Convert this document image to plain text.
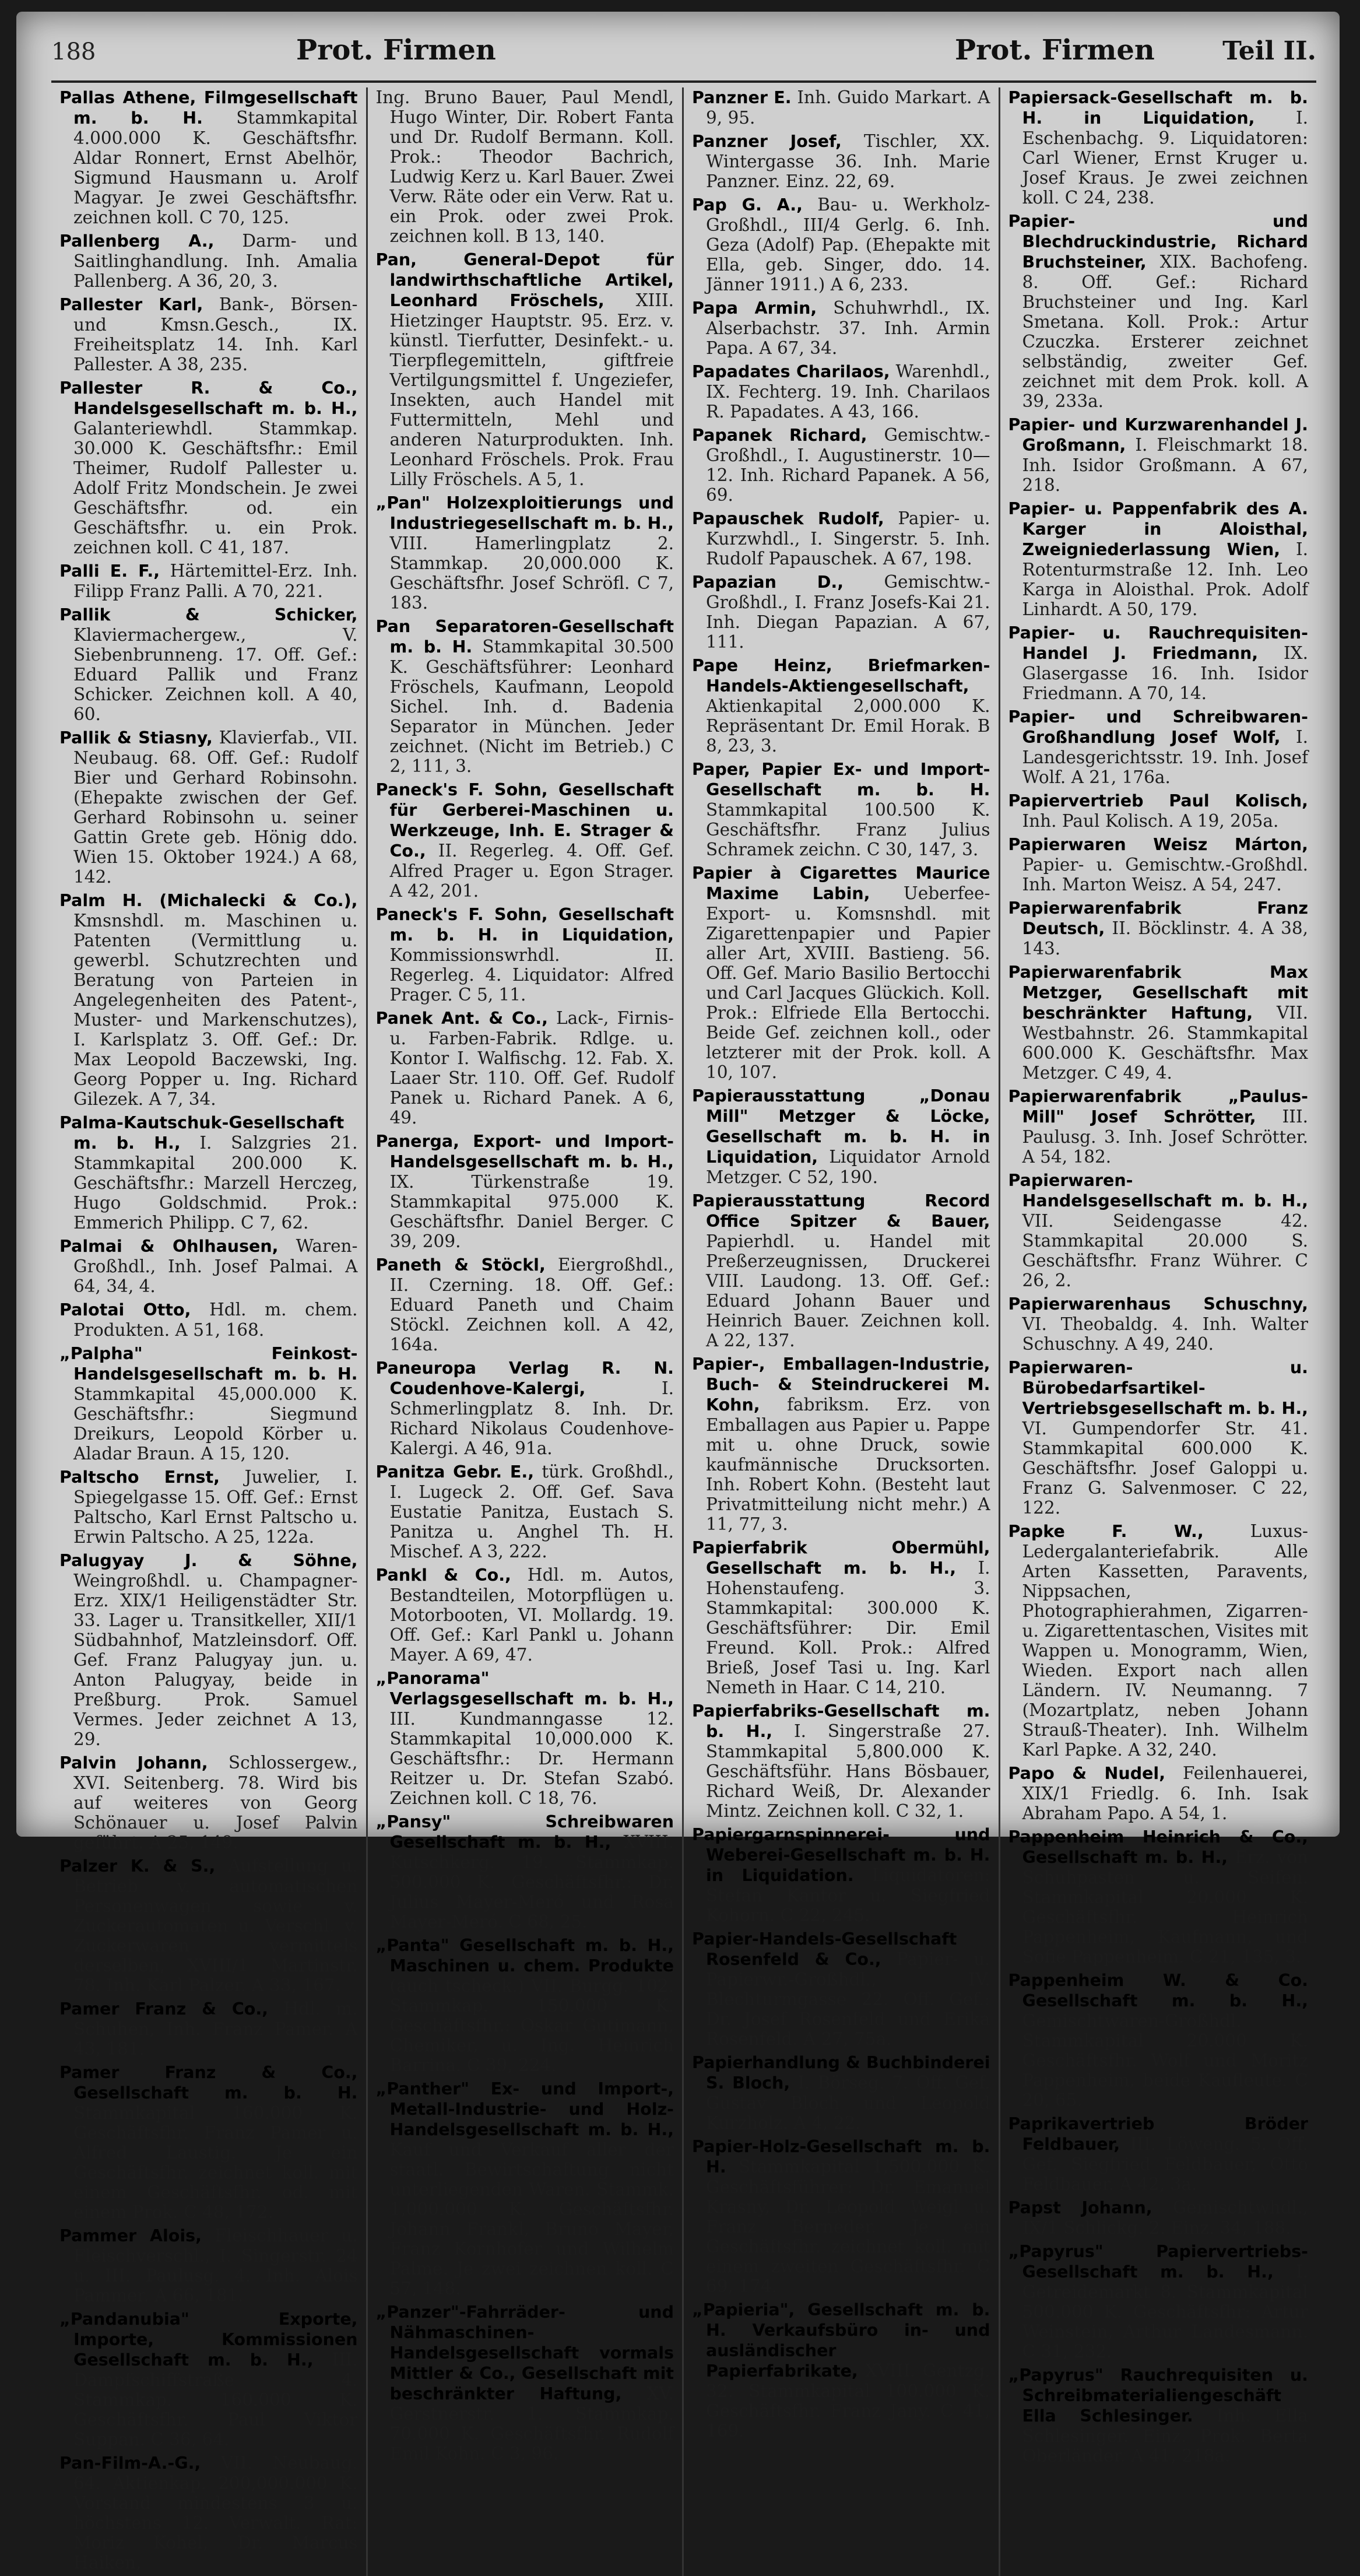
188	Prot. Firmen	Prot. Firmen	Teil II.

Pallas Athene, Filmgesellschaft m. b. H. Stammkapital 4.000.000 K. Geschäftsfhr. Aldar Ronnert, Ernst Abelhör, Sigmund Hausmann u. Arolf Magyar. Je zwei Geschäftsfhr. zeichnen koll. C 70, 125.

Pallenberg A., Darm- und Saitlinghandlung. Inh. Amalia Pallenberg. A 36, 20, 3.

Pallester Karl, Bank-, Börsen- und Kmsn.Gesch., IX. Freiheitsplatz 14. Inh. Karl Pallester. A 38, 235.

Pallester R. & Co., Handelsgesellschaft m. b. H., Galanteriewhdl. Stammkap. 30.000 K. Geschäftsfhr.: Emil Theimer, Rudolf Pallester u. Adolf Fritz Mondschein. Je zwei Geschäftsfhr. od. ein Geschäftsfhr. u. ein Prok. zeichnen koll. C 41, 187.

Palli E. F., Härtemittel-Erz. Inh. Filipp Franz Palli. A 70, 221.

Pallik & Schicker, Klaviermachergew., V. Siebenbrunneng. 17. Off. Gef.: Eduard Pallik und Franz Schicker. Zeichnen koll. A 40, 60.

Pallik & Stiasny, Klavierfab., VII. Neubaug. 68. Off. Gef.: Rudolf Bier und Gerhard Robinsohn. (Ehepakte zwischen der Gef. Gerhard Robinsohn u. seiner Gattin Grete geb. Hönig ddo. Wien 15. Oktober 1924.) A 68, 142.

Palm H. (Michalecki & Co.), Kmsnshdl. m. Maschinen u. Patenten (Vermittlung u. gewerbl. Schutzrechten und Beratung von Parteien in Angelegenheiten des Patent-, Muster- und Markenschutzes), I. Karlsplatz 3. Off. Gef.: Dr. Max Leopold Baczewski, Ing. Georg Popper u. Ing. Richard Gilezek. A 7, 34.

Palma-Kautschuk-Gesellschaft m. b. H., I. Salzgries 21. Stammkapital 200.000 K. Geschäftsfhr.: Marzell Herczeg, Hugo Goldschmid. Prok.: Emmerich Philipp. C 7, 62.

Palmai & Ohlhausen, Waren-Großhdl., Inh. Josef Palmai. A 64, 34, 4.

Palotai Otto, Hdl. m. chem. Produkten. A 51, 168.

„Palpha" Feinkost-Handelsgesellschaft m. b. H. Stammkapital 45,000.000 K. Geschäftsfhr.: Siegmund Dreikurs, Leopold Körber u. Aladar Braun. A 15, 120.

Paltscho Ernst, Juwelier, I. Spiegelgasse 15. Off. Gef.: Ernst Paltscho, Karl Ernst Paltscho u. Erwin Paltscho. A 25, 122a.

Palugyay J. & Söhne, Weingroßhdl. u. Champagner-Erz. XIX/1 Heiligenstädter Str. 33. Lager u. Transitkeller, XII/1 Südbahnhof, Matzleinsdorf. Off. Gef. Franz Palugyay jun. u. Anton Palugyay, beide in Preßburg. Prok. Samuel Vermes. Jeder zeichnet A 13, 29.

Palvin Johann, Schlossergew., XVI. Seitenberg. 78. Wird bis auf weiteres von Georg Schönauer u. Josef Palvin geführt. A 25, 149.

Palzer K. & S., Aufstellung u. Betrieb v. automatischen Personenwagen sowie v. Zuckerautomaten u. Verschl. v. Zuckerwaren vermittels derselben, XVIII/1 Martinstr. 78. Inh. Karl Palzer. A 33, 167.

Pamer Franz & Co., Hdl. m. Schuhen, Inh. Franz Pamer. A 43, 181.

Pamer Franz & Co., Gesellschaft m. b. H. Stammkapital 160.000 K. Geschäftsfhr. Franz Pamer u. Alfred Laustig. Je ein Geschäftsfhr. zeichnet koll. mit einem Geschäftsfhr. od. mit einem Prok. C 48, 172.

Pammer Alois, Fleischhauer u. Fleischverschl., I. Singerstr. 24 u. III. Paulusg. 4. Inh. Alois Pammer. A 66, 181.

„Pandanubia" Exporte, Importe, Kommissionen Gesellschaft m. b. H., III. Dampfschiffstraße 4. Stammkap. 160.000 K. Geschäftsfhr. Paul Viktor Suppan. C 36, 64.

Pan-Film-A.-G., VII. Neubaug. 64. Aktienkap. 200,000.000 K. Vorstand mindestens 3 u. höchstens 12. Verwalt. Rat: Moriz Kohel, Dr. Marcus Haiken,

Ing. Bruno Bauer, Paul Mendl, Hugo Winter, Dir. Robert Fanta und Dr. Rudolf Bermann. Koll. Prok.: Theodor Bachrich, Ludwig Kerz u. Karl Bauer. Zwei Verw. Räte oder ein Verw. Rat u. ein Prok. oder zwei Prok. zeichnen koll. B 13, 140.

Pan, General-Depot für landwirthschaftliche Artikel, Leonhard Fröschels, XIII. Hietzinger Hauptstr. 95. Erz. v. künstl. Tierfutter, Desinfekt.- u. Tierpflegemitteln, giftfreie Vertilgungsmittel f. Ungeziefer, Insekten, auch Handel mit Futtermitteln, Mehl und anderen Naturprodukten. Inh. Leonhard Fröschels. Prok. Frau Lilly Fröschels. A 5, 1.

„Pan" Holzexploitierungs und Industriegesellschaft m. b. H., VIII. Hamerlingplatz 2. Stammkap. 20,000.000 K. Geschäftsfhr. Josef Schröfl. C 7, 183.

Pan Separatoren-Gesellschaft m. b. H. Stammkapital 30.500 K. Geschäftsführer: Leonhard Fröschels, Kaufmann, Leopold Sichel. Inh. d. Badenia Separator in München. Jeder zeichnet. (Nicht im Betrieb.) C 2, 111, 3.

Paneck's F. Sohn, Gesellschaft für Gerberei-Maschinen u. Werkzeuge, Inh. E. Strager & Co., II. Regerleg. 4. Off. Gef. Alfred Prager u. Egon Strager. A 42, 201.

Paneck's F. Sohn, Gesellschaft m. b. H. in Liquidation, Kommissionswrhdl. II. Regerleg. 4. Liquidator: Alfred Prager. C 5, 11.

Panek Ant. & Co., Lack-, Firnis- u. Farben-Fabrik. Rdlge. u. Kontor I. Walfischg. 12. Fab. X. Laaer Str. 110. Off. Gef. Rudolf Panek u. Richard Panek. A 6, 49.

Panerga, Export- und Import-Handelsgesellschaft m. b. H., IX. Türkenstraße 19. Stammkapital 975.000 K. Geschäftsfhr. Daniel Berger. C 39, 209.

Paneth & Stöckl, Eiergroßhdl., II. Czerning. 18. Off. Gef.: Eduard Paneth und Chaim Stöckl. Zeichnen koll. A 42, 164a.

Paneuropa Verlag R. N. Coudenhove-Kalergi,	I. Schmerlingplatz 8. Inh. Dr. Richard Nikolaus Coudenhove-Kalergi. A 46, 91a.

Panitza Gebr. E., türk. Großhdl., I. Lugeck 2. Off. Gef. Sava Eustatie Panitza, Eustach S. Panitza u. Anghel Th. H. Mischef. A 3, 222.

Pankl & Co., Hdl. m. Autos, Bestandteilen, Motorpflügen u. Motorbooten, VI. Mollardg. 19. Off. Gef.: Karl Pankl u. Johann Mayer. A 69, 47.

„Panorama" Verlagsgesellschaft m. b. H., III. Kundmanngasse 12. Stammkapital 10,000.000 K. Geschäftsfhr.: Dr. Hermann Reitzer u. Dr. Stefan Szabó. Zeichnen koll. C 18, 76.

„Pansy" Schreibwaren Gesellschaft m. b. H., XVIII. Kutschkerg. 19. Stammkap. 500.000 K. Geschäftsfhr.: Dr. Julius Mayer-Meró und Rosa Mayer-Meró. C 68, 25.

„Panta" Gesellschaft m. b. H., Maschinen u. chem. Produkte (auch tscheck.) VII. Burgg. 102. Stammkap. 150.000 K. Geschäftsfhr.: Oskar Gutimann, Chemiker, u. Ing. Heinrich Barrina. C 39, 224.

„Panther" Ex- und Import-, Metall-Industrie- und Holz-Handelsgesellschaft m. b. H., Kauf und Verkauf aller der staatl. Bewirtschaftung nicht unterliegenden Waren. Stammk. 1,000.000 K. Geschäftsfhr. Johann Frankl, Bruno Mayer, Franz Kornhofer und Wilhelm Palme. Je zwei zeichnen koll. C 57, 148.

„Panzer"-Fahrräder- und Nähmaschinen-Handelsgesellschaft vormals Mittler & Co., Gesellschaft mit beschränkter Haftung, XV. Gerstnerstr. 1. Stammkap. 70.000 K. Geschäftsfhr. Rudolf Emil Kohn. C 3, 96.

Panzner E. Inh. Guido Markart. A 9, 95.

Panzner Josef, Tischler, XX. Wintergasse 36. Inh. Marie Panzner. Einz. 22, 69.

Pap G. A., Bau- u. Werkholz-Großhdl., III/4 Gerlg. 6. Inh. Geza (Adolf) Pap. (Ehepakte mit Ella, geb. Singer, ddo. 14. Jänner 1911.) A 6, 233.

Papa Armin, Schuhwrhdl., IX. Alserbachstr. 37. Inh. Armin Papa. A 67, 34.

Papadates Charilaos, Warenhdl., IX. Fechterg. 19. Inh. Charilaos R. Papadates. A 43, 166.

Papanek Richard, Gemischtw.-Großhdl., I. Augustinerstr. 10—12. Inh. Richard Papanek. A 56, 69.

Papauschek Rudolf, Papier- u. Kurzwhdl., I. Singerstr. 5. Inh. Rudolf Papauschek. A 67, 198.

Papazian D., Gemischtw.-Großhdl., I. Franz Josefs-Kai 21. Inh. Diegan Papazian. A 67, 111.

Pape Heinz, Briefmarken-Handels-Aktiengesellschaft, Aktienkapital 2,000.000 K. Repräsentant Dr. Emil Horak. B 8, 23, 3.

Paper, Papier Ex- und Import-Gesellschaft m. b. H. Stammkapital 100.500 K. Geschäftsfhr. Franz Julius Schramek zeichn. C 30, 147, 3.

Papier à Cigarettes Maurice Maxime Labin, Ueberfee-Export- u. Komsnshdl. mit Zigarettenpapier und Papier aller Art, XVIII. Bastieng. 56. Off. Gef. Mario Basilio Bertocchi und Carl Jacques Glückich. Koll. Prok.: Elfriede Ella Bertocchi. Beide Gef. zeichnen koll., oder letzterer mit der Prok. koll. A 10, 107.

Papierausstattung „Donau Mill" Metzger & Löcke, Gesellschaft m. b. H. in Liquidation, Liquidator Arnold Metzger. C 52, 190.

Papierausstattung Record Office Spitzer & Bauer, Papierhdl. u. Handel mit Preßerzeugnissen, Druckerei VIII. Laudong. 13. Off. Gef.: Eduard Johann Bauer und Heinrich Bauer. Zeichnen koll. A 22, 137.

Papier-, Emballagen-Industrie, Buch- & Steindruckerei M. Kohn, fabriksm. Erz. von Emballagen aus Papier u. Pappe mit u. ohne Druck, sowie kaufmännische Drucksorten. Inh. Robert Kohn. (Besteht laut Privatmitteilung nicht mehr.) A 11, 77, 3.

Papierfabrik Obermühl, Gesellschaft m. b. H., I. Hohenstaufeng. 3. Stammkapital: 300.000 K. Geschäftsführer: Dir. Emil Freund. Koll. Prok.: Alfred Brieß, Josef Tasi u. Ing. Karl Nemeth in Haar. C 14, 210.

Papierfabriks-Gesellschaft m. b. H., I. Singerstraße 27. Stammkapital 5,800.000 K. Geschäftsführ. Hans Bösbauer, Richard Weiß, Dr. Alexander Mintz. Zeichnen koll. C 32, 1.

Papiergarnspinnerei- und Weberei-Gesellschaft m. b. H. in Liquidation. Liquidatoren: Stefan Kantor u. Siegfried Kohorn. C 22, 245.

Papier-Handels-Gesellschaft Rosenfeld & Co., Papier- u. Papierwr.-Großhdl., IV. Blechturmgasse 22. Off. Gef.: Dr. Josef Rosenfeld und Erika Rosenfeld. A 27, 75a.

Papierhandlung & Buchbinderei S. Bloch, I. Börseg. 7. Off. Gef. Gustav Bloch und Leopold Kurzholz. A 4, 22.

Papier-Holz-Gesellschaft m. b. H. Stammkapital 1,500.000 K. Geschäftsführer: Dr. Emanuel Krasny, Dr. Leopold Weigl u. Franz Berneder. Je ein Geschäftsfhr. zeichnet koll. mit einem zweiten Geschäftsfhr. C 69, 174.

„Papieria", Gesellschaft m. b. H. Verkaufsbüro in- und ausländischer Papierfabrikate, XVIII. Gentzg. 32. Stammkapital 100.000 K. Geschäftsfhr. Franz Jany. C 41, 169.

Papiersack-Gesellschaft m. b. H. in Liquidation, I. Eschenbachg. 9. Liquidatoren: Carl Wiener, Ernst Kruger u. Josef Kraus. Je zwei zeichnen koll. C 24, 238.

Papier- und Blechdruckindustrie, Richard Bruchsteiner, XIX. Bachofeng. 8. Off. Gef.: Richard Bruchsteiner und Ing. Karl Smetana. Koll. Prok.: Artur Czuczka. Ersterer zeichnet selbständig, zweiter Gef. zeichnet mit dem Prok. koll. A 39, 233a.

Papier- und Kurzwarenhandel J. Großmann, I. Fleischmarkt 18. Inh. Isidor Großmann. A 67, 218.

Papier- u. Pappenfabrik des A. Karger in Aloisthal, Zweigniederlassung Wien, I. Rotenturmstraße 12. Inh. Leo Karga in Aloisthal. Prok. Adolf Linhardt. A 50, 179.

Papier- u. Rauchrequisiten-Handel J. Friedmann, IX. Glasergasse 16. Inh. Isidor Friedmann. A 70, 14.

Papier- und Schreibwaren-Großhandlung Josef Wolf, I. Landesgerichtsstr. 19. Inh. Josef Wolf. A 21, 176a.

Papiervertrieb Paul Kolisch, Inh. Paul Kolisch. A 19, 205a.

Papierwaren Weisz Márton, Papier- u. Gemischtw.-Großhdl. Inh. Marton Weisz. A 54, 247.

Papierwarenfabrik Franz Deutsch, II. Böcklinstr. 4. A 38, 143.

Papierwarenfabrik Max Metzger, Gesellschaft mit beschränkter Haftung, VII. Westbahnstr. 26. Stammkapital 600.000 K. Geschäftsfhr. Max Metzger. C 49, 4.

Papierwarenfabrik „Paulus-Mill" Josef Schrötter, III. Paulusg. 3. Inh. Josef Schrötter. A 54, 182.

Papierwaren-Handelsgesellschaft m. b. H., VII. Seidengasse 42. Stammkapital 20.000 S. Geschäftsfhr. Franz Wührer. C 26, 2.

Papierwarenhaus Schuschny, VI. Theobaldg. 4. Inh. Walter Schuschny. A 49, 240.

Papierwaren- u. Bürobedarfsartikel-Vertriebsgesellschaft m. b. H., VI. Gumpendorfer Str. 41. Stammkapital 600.000 K. Geschäftsfhr. Josef Galoppi u. Franz G. Salvenmoser. C 22, 122.

Papke F. W.,	Luxus-Ledergalanteriefabrik. Alle Arten Kassetten, Paravents, Nippsachen, Photographierahmen, Zigarren- u. Zigarettentaschen, Visites mit Wappen u. Monogramm, Wien, Wieden. Export nach allen Ländern. IV. Neumanng. 7 (Mozartplatz, neben Johann Strauß-Theater). Inh. Wilhelm Karl Papke. A 32, 240.

Papo & Nudel, Feilenhauerei, XIX/1 Friedlg. 6. Inh. Isak Abraham Papo. A 54, 1.

Pappenheim Heinrich & Co., Gesellschaft m. b. H., Erz. von Schuhpasten u. Seifen. Stammkapital 20.000 K. Geschäftsfhr. Heinrich Pappenheim, Kaufmann, und Sofie Pappenheim. C 21, 135, 3.

Pappenheim W. & Co. Gesellschaft m. b. H., Gemischtwaren-Großhdl. Stammkapital 20.000 K. Geschäftsfhr. Wolf und Moritz Pappenheim, beide Kaufleute. C 20, 65.

Paprikavertrieb Bröder Feldbauer, III. Löweng. 5. Off. Gef. Siegfried Feldbauer, Otto Feldbauer. A 42, 3a.

Papst Johann, Gemischtwhdl., IX/1 Schlickg. 2. Einz. 34, 188.

„Papyrus" Papiervertriebs-Gesellschaft m. b. H., I. Getreidemarkt 8. Stammkapital 500.000 K. Geschäftsfhr: Artur Weinstein, Arthur Landesmann. C 31, 232.

„Papyrus" Rauchrequisiten u. Schreibmaterialiengeschäft Ella Schlesinger. Inh. Ella Schlesinger. Einz. Prok. Berta Oberländer. A 41, 218a.
